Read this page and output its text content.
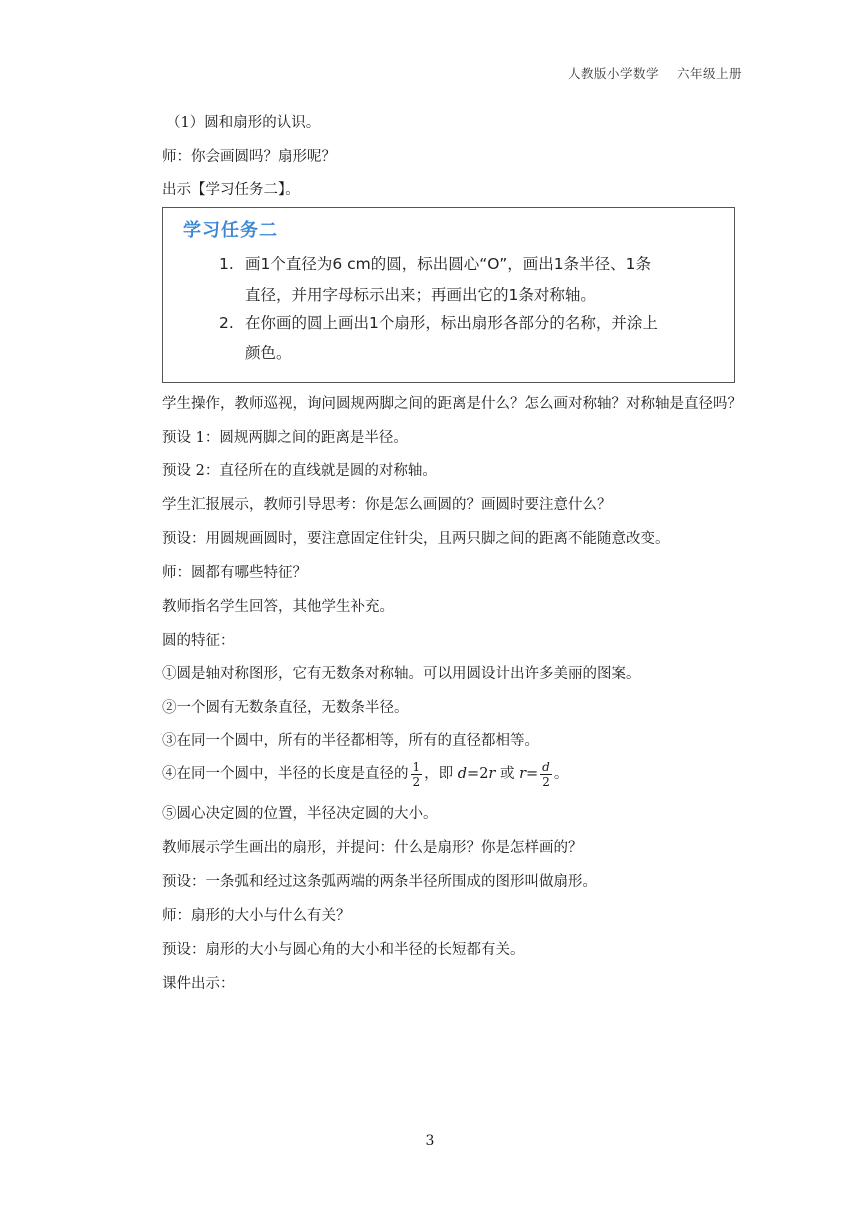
人教版小学数学 六年级上册
（1）圆和扇形的认识。
师：你会画圆吗？扇形呢？
出示【学习任务二】。
学习任务二
1. 画1个直径为6 cm的圆，标出圆心“O”，画出1条半径、1条
直径，并用字母标示出来；再画出它的1条对称轴。
2. 在你画的圆上画出1个扇形，标出扇形各部分的名称，并涂上
颜色。
学生操作，教师巡视，询问圆规两脚之间的距离是什么？怎么画对称轴？对称轴是直径吗？
预设 1：圆规两脚之间的距离是半径。
预设 2：直径所在的直线就是圆的对称轴。
学生汇报展示，教师引导思考：你是怎么画圆的？画圆时要注意什么？
预设：用圆规画圆时，要注意固定住针尖，且两只脚之间的距离不能随意改变。
师：圆都有哪些特征？
教师指名学生回答，其他学生补充。
圆的特征：
①圆是轴对称图形，它有无数条对称轴。可以用圆设计出许多美丽的图案。
②一个圆有无数条直径，无数条半径。
③在同一个圆中，所有的半径都相等，所有的直径都相等。
④在同一个圆中，半径的长度是直径的 $\frac{1}{2}$ ，即 d=2r 或 $r= \frac{d}{2}$ 。
⑤圆心决定圆的位置，半径决定圆的大小。
教师展示学生画出的扇形，并提问：什么是扇形？你是怎样画的？
预设：一条弧和经过这条弧两端的两条半径所围成的图形叫做扇形。
师：扇形的大小与什么有关？
预设：扇形的大小与圆心角的大小和半径的长短都有关。
课件出示：
3
